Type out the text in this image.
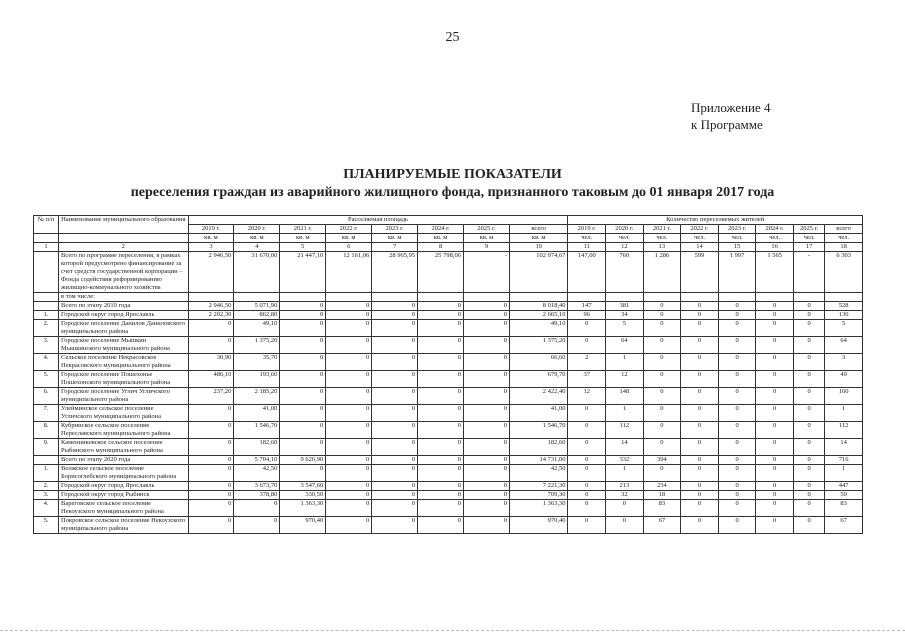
25
Приложение 4
к Программе
ПЛАНИРУЕМЫЕ ПОКАЗАТЕЛИ
переселения граждан из аварийного жилищного фонда, признанного таковым до 01 января 2017 года
№ п/п	Наименование муниципального образования	Расселяемая площадь								Количество переселяемых жителей							
		2019 г.	2020 г.	2021 г.	2022 г.	2023 г.	2024 г.	2025 г.	всего	2019 г.	2020 г.	2021 г.	2022 г.	2023 г.	2024 г.	2025 г.	всего
		кв. м	кв. м	кв. м	кв. м	кв. м	кв. м	кв. м	кв. м	чел.	чел.	чел.	чел.	чел.	чел.	чел.	чел.
1	2	3	4	5	6	7	8	9	10	11	12	13	14	15	16	17	18
	Всего по программе переселения, в рамках которой предусмотрено финансирование за счет средств государственной корпорации – Фонда содействия реформированию жилищно-коммунального хозяйства	2 946,50	31 670,00	21 447,10	12 161,06	28 965,95	25 798,06	-	102 974,67	147,00	760	1 286	599	1 997	1 565	-	6 303
	в том числе:																
	Всего по этапу 2019 года	2 946,50	5 071,90	0	0	0	0	0	8 018,40	147	381	0	0	0	0	0	528
1.	Городской округ город Ярославль	2 202,30	862,80	0	0	0	0	0	2 665,10	96	34	0	0	0	0	0	130
2.	Городское поселение Данилов Даниловского муниципального района	0	49,10	0	0	0	0	0	49,10	0	5	0	0	0	0	0	5
3.	Городское поселение Мышкин Мышкинского муниципального района	0	1 375,20	0	0	0	0	0	1 375,20	0	64	0	0	0	0	0	64
4.	Сельское поселение Некрасовское Некрасовского муниципального района	30,90	35,70	0	0	0	0	0	66,60	2	1	0	0	0	0	0	3
5.	Городское поселение Пошехонье Пошехонского муниципального района	486,10	193,60	0	0	0	0	0	679,70	37	12	0	0	0	0	0	49
6.	Городское поселение Углич Угличского муниципального района	237,20	2 185,20	0	0	0	0	0	2 422,40	12	148	0	0	0	0	0	160
7.	Улейминское сельское поселение Угличского муниципального района	0	41,00	0	0	0	0	0	41,00	0	1	0	0	0	0	0	1
8.	Кубринское сельское поселение Переславского муниципального района	0	1 546,70	0	0	0	0	0	1 546,70	0	112	0	0	0	0	0	112
9.	Каменниковское сельское поселение Рыбинского муниципального района	0	182,60	0	0	0	0	0	182,60	0	14	0	0	0	0	0	14
	Всего по этапу 2020 года	0	5 704,10	9 626,90	0	0	0	0	14 731,00	0	332	394	0	0	0	0	716
1.	Волжское сельское поселение Борисоглебского муниципального района	0	42,50	0	0	0	0	0	42,50	0	1	0	0	0	0	0	1
2.	Городской округ город Ярославль	0	3 673,70	3 547,60	0	0	0	0	7 221,30	0	213	234	0	0	0	0	447
3.	Городской округ город Рыбинск	0	378,80	330,50	0	0	0	0	709,30	0	32	18	0	0	0	0	50
4.	Вареговское сельское поселение Некоузского муниципального района	0	0	1 363,30	0	0	0	0	1 363,30	0	0	83	0	0	0	0	83
5.	Покровское сельское поселение Некоузского муниципального района	0	0	970,40	0	0	0	0	970,40	0	0	67	0	0	0	0	67
